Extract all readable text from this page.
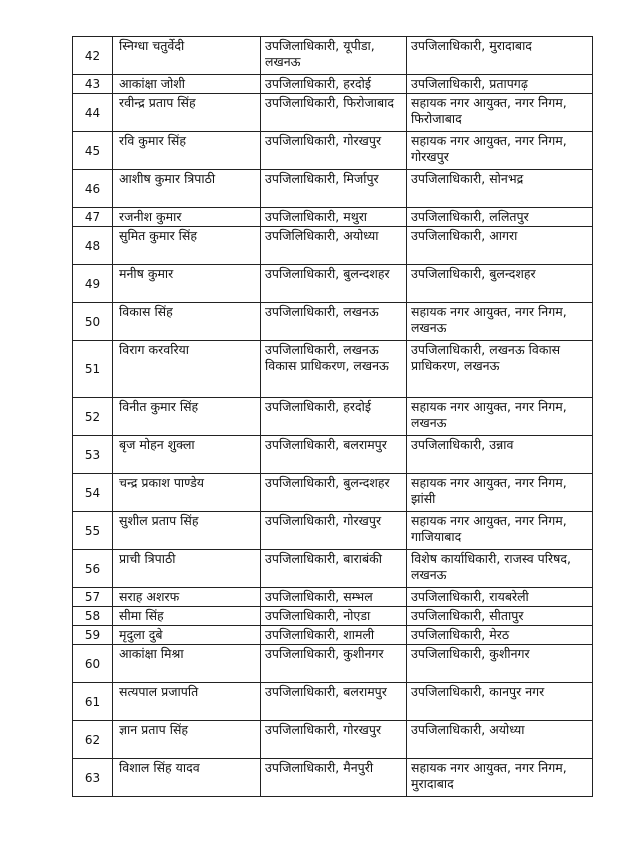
42	स्निग्धा चतुर्वेदी	उपजिलाधिकारी, यूपीडा, लखनऊ	उपजिलाधिकारी, मुरादाबाद
43	आकांक्षा जोशी	उपजिलाधिकारी, हरदोई	उपजिलाधिकारी, प्रतापगढ़
44	रवीन्द्र प्रताप सिंह	उपजिलाधिकारी, फिरोजाबाद	सहायक नगर आयुक्त, नगर निगम, फिरोजाबाद
45	रवि कुमार सिंह	उपजिलाधिकारी, गोरखपुर	सहायक नगर आयुक्त, नगर निगम, गोरखपुर
46	आशीष कुमार त्रिपाठी	उपजिलाधिकारी, मिर्जापुर	उपजिलाधिकारी, सोनभद्र
47	रजनीश कुमार	उपजिलाधिकारी, मथुरा	उपजिलाधिकारी, ललितपुर
48	सुमित कुमार सिंह	उपजिलिधिकारी, अयोध्या	उपजिलाधिकारी, आगरा
49	मनीष कुमार	उपजिलाधिकारी, बुलन्दशहर	उपजिलाधिकारी, बुलन्दशहर
50	विकास सिंह	उपजिलाधिकारी, लखनऊ	सहायक नगर आयुक्त, नगर निगम, लखनऊ
51	विराग करवरिया	उपजिलाधिकारी, लखनऊ विकास प्राधिकरण, लखनऊ	उपजिलाधिकारी, लखनऊ विकास प्राधिकरण, लखनऊ
52	विनीत कुमार सिंह	उपजिलाधिकारी, हरदोई	सहायक नगर आयुक्त, नगर निगम, लखनऊ
53	बृज मोहन शुक्ला	उपजिलाधिकारी, बलरामपुर	उपजिलाधिकारी, उन्नाव
54	चन्द्र प्रकाश पाण्डेय	उपजिलाधिकारी, बुलन्दशहर	सहायक नगर आयुक्त, नगर निगम, झांसी
55	सुशील प्रताप सिंह	उपजिलाधिकारी, गोरखपुर	सहायक नगर आयुक्त, नगर निगम, गाजियाबाद
56	प्राची त्रिपाठी	उपजिलाधिकारी, बाराबंकी	विशेष कार्याधिकारी, राजस्व परिषद, लखनऊ
57	सराह अशरफ	उपजिलाधिकारी, सम्भल	उपजिलाधिकारी, रायबरेली
58	सीमा सिंह	उपजिलाधिकारी, नोएडा	उपजिलाधिकारी, सीतापुर
59	मृदुला दुबे	उपजिलाधिकारी, शामली	उपजिलाधिकारी, मेरठ
60	आकांक्षा मिश्रा	उपजिलाधिकारी, कुशीनगर	उपजिलाधिकारी, कुशीनगर
61	सत्यपाल प्रजापति	उपजिलाधिकारी, बलरामपुर	उपजिलाधिकारी, कानपुर नगर
62	ज्ञान प्रताप सिंह	उपजिलाधिकारी, गोरखपुर	उपजिलाधिकारी, अयोध्या
63	विशाल सिंह यादव	उपजिलाधिकारी, मैनपुरी	सहायक नगर आयुक्त, नगर निगम, मुरादाबाद
